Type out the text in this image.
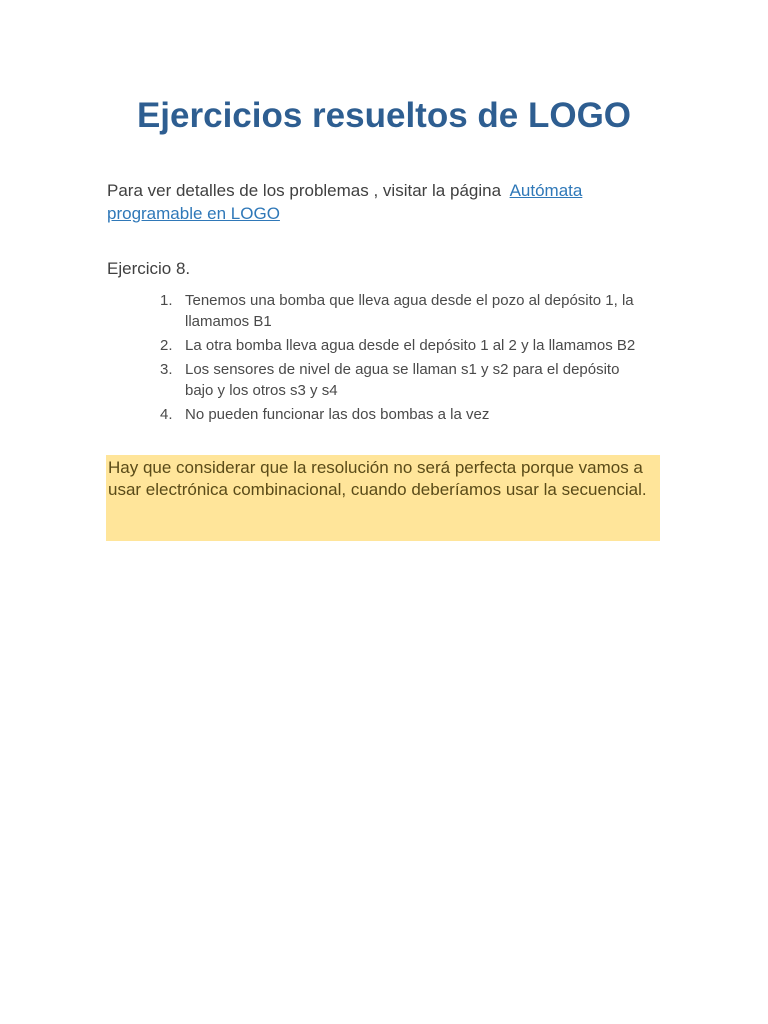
Ejercicios resueltos de LOGO

Para ver detalles de los problemas , visitar la página Autómata programable en LOGO

Ejercicio 8.
1. Tenemos una bomba que lleva agua desde el pozo al depósito 1, la llamamos B1
2. La otra bomba lleva agua desde el depósito 1 al 2 y la llamamos B2
3. Los sensores de nivel de agua se llaman s1 y s2 para el depósito bajo y los otros s3 y s4
4. No pueden funcionar las dos bombas a la vez

Hay que considerar que la resolución no será perfecta porque vamos a usar electrónica combinacional, cuando deberíamos usar la secuencial.
